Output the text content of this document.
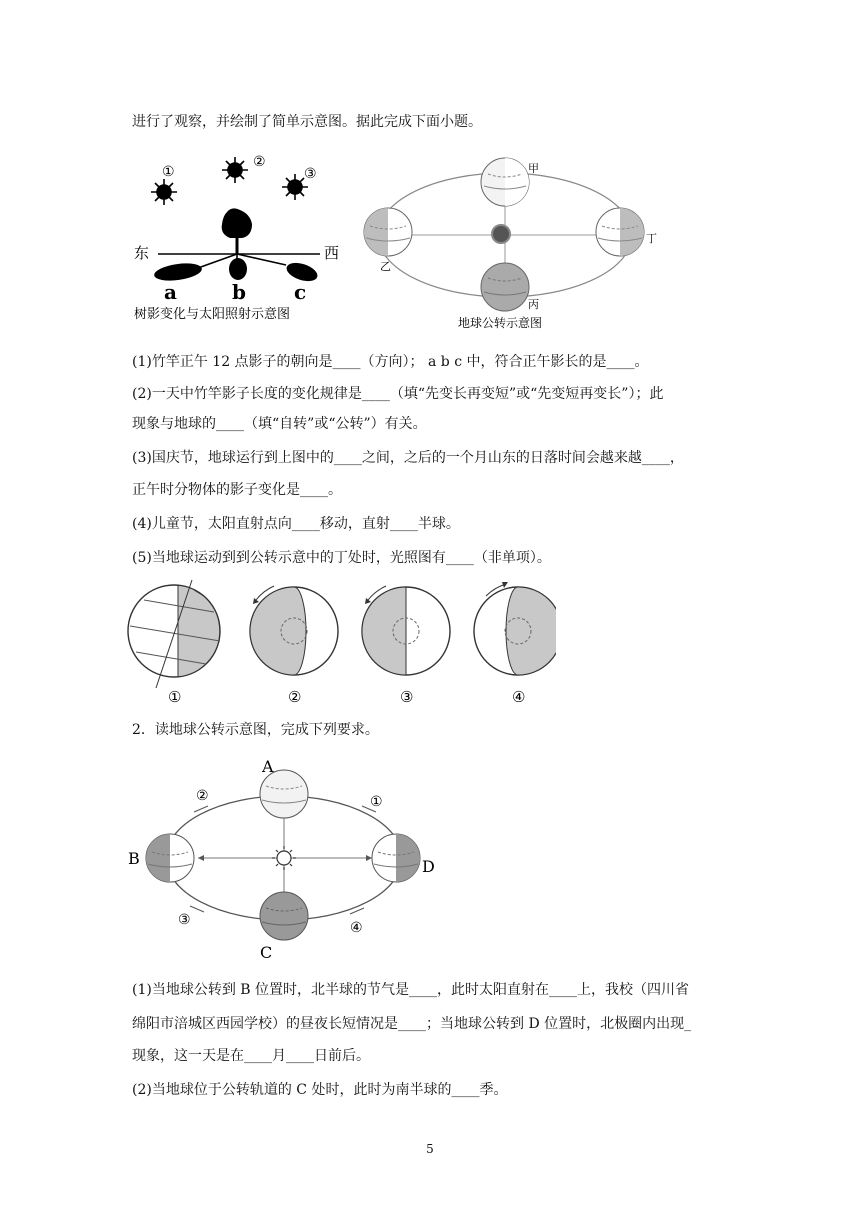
进行了观察，并绘制了简单示意图。据此完成下面小题。
①
②
③
东	西
a	b c
树影变化与太阳照射示意图
甲
乙
丙
丁
地球公转示意图
(1)竹竿正午 12 点影子的朝向是____（方向）； a b c 中，符合正午影长的是____。
(2)一天中竹竿影子长度的变化规律是____（填“先变长再变短”或“先变短再变长”）；此
现象与地球的____（填“自转”或“公转”）有关。
(3)国庆节，地球运行到上图中的____之间，之后的一个月山东的日落时间会越来越____，
正午时分物体的影子变化是____。
(4)儿童节，太阳直射点向____移动，直射____半球。
(5)当地球运动到到公转示意中的丁处时，光照图有____（非单项）。
①	②	③	④
2．读地球公转示意图，完成下列要求。
A
B
C
D
①
②
③	④
(1)当地球公转到 B 位置时，北半球的节气是____，此时太阳直射在____上，我校（四川省
绵阳市涪城区西园学校）的昼夜长短情况是____；当地球公转到 D 位置时，北极圈内出现_
现象，这一天是在____月____日前后。
(2)当地球位于公转轨道的 C 处时，此时为南半球的____季。
5
